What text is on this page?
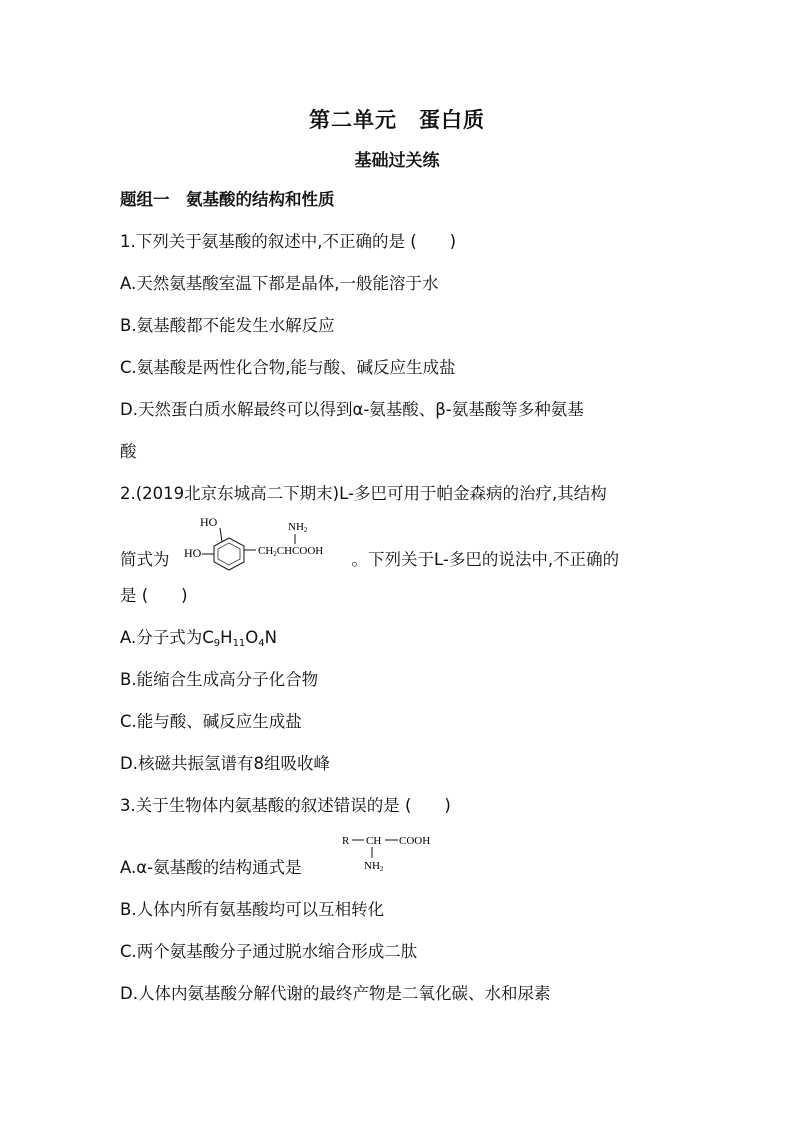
第二单元　蛋白质
基础过关练
题组一　氨基酸的结构和性质
1.下列关于氨基酸的叙述中,不正确的是 (　　)
A.天然氨基酸室温下都是晶体,一般能溶于水
B.氨基酸都不能发生水解反应
C.氨基酸是两性化合物,能与酸、碱反应生成盐
D.天然蛋白质水解最终可以得到α-氨基酸、β-氨基酸等多种氨基
酸
2.(2019北京东城高二下期末)L-多巴可用于帕金森病的治疗,其结构
简式为	。下列关于L-多巴的说法中,不正确的
HO
HO
NH2
CH2CHCOOH
是 (　　)
A.分子式为$C_9H_{11}O_4N$
B.能缩合生成高分子化合物
C.能与酸、碱反应生成盐
D.核磁共振氢谱有8组吸收峰
3.关于生物体内氨基酸的叙述错误的是 (　　)
R CH COOH
NH2
A.α-氨基酸的结构通式是
B.人体内所有氨基酸均可以互相转化
C.两个氨基酸分子通过脱水缩合形成二肽
D.人体内氨基酸分解代谢的最终产物是二氧化碳、水和尿素
